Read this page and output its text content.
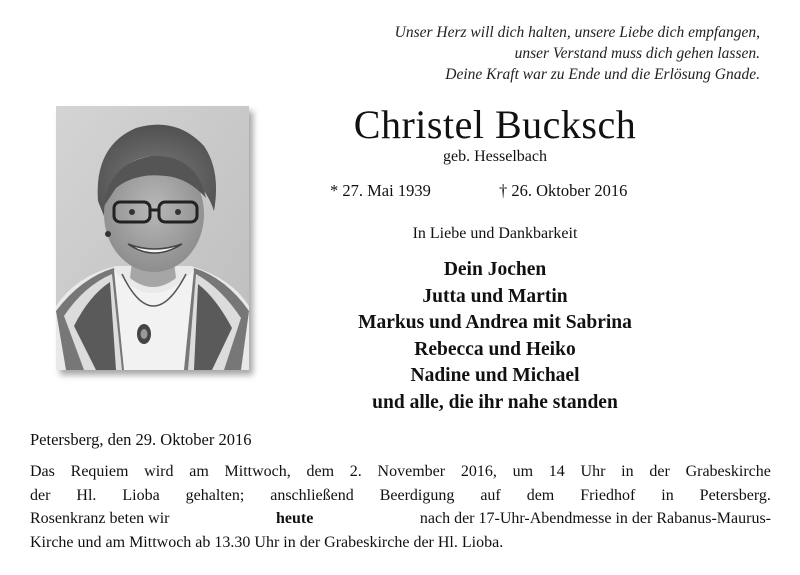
Unser Herz will dich halten, unsere Liebe dich empfangen,
unser Verstand muss dich gehen lassen.
Deine Kraft war zu Ende und die Erlösung Gnade.
Christel Bucksch
geb. Hesselbach
* 27. Mai 1939	† 26. Oktober 2016
In Liebe und Dankbarkeit
Dein Jochen
Jutta und Martin
Markus und Andrea mit Sabrina
Rebecca und Heiko
Nadine und Michael
und alle, die ihr nahe standen
Petersberg, den 29. Oktober 2016
Das Requiem wird am Mittwoch, dem 2. November 2016, um 14 Uhr in der Grabeskirche
der Hl. Lioba gehalten; anschließend Beerdigung auf dem Friedhof in Petersberg.
Rosenkranz beten wir	heute	nach der 17-Uhr-Abendmesse in der Rabanus-Maurus-
Kirche und am Mittwoch ab 13.30 Uhr in der Grabeskirche der Hl. Lioba.
